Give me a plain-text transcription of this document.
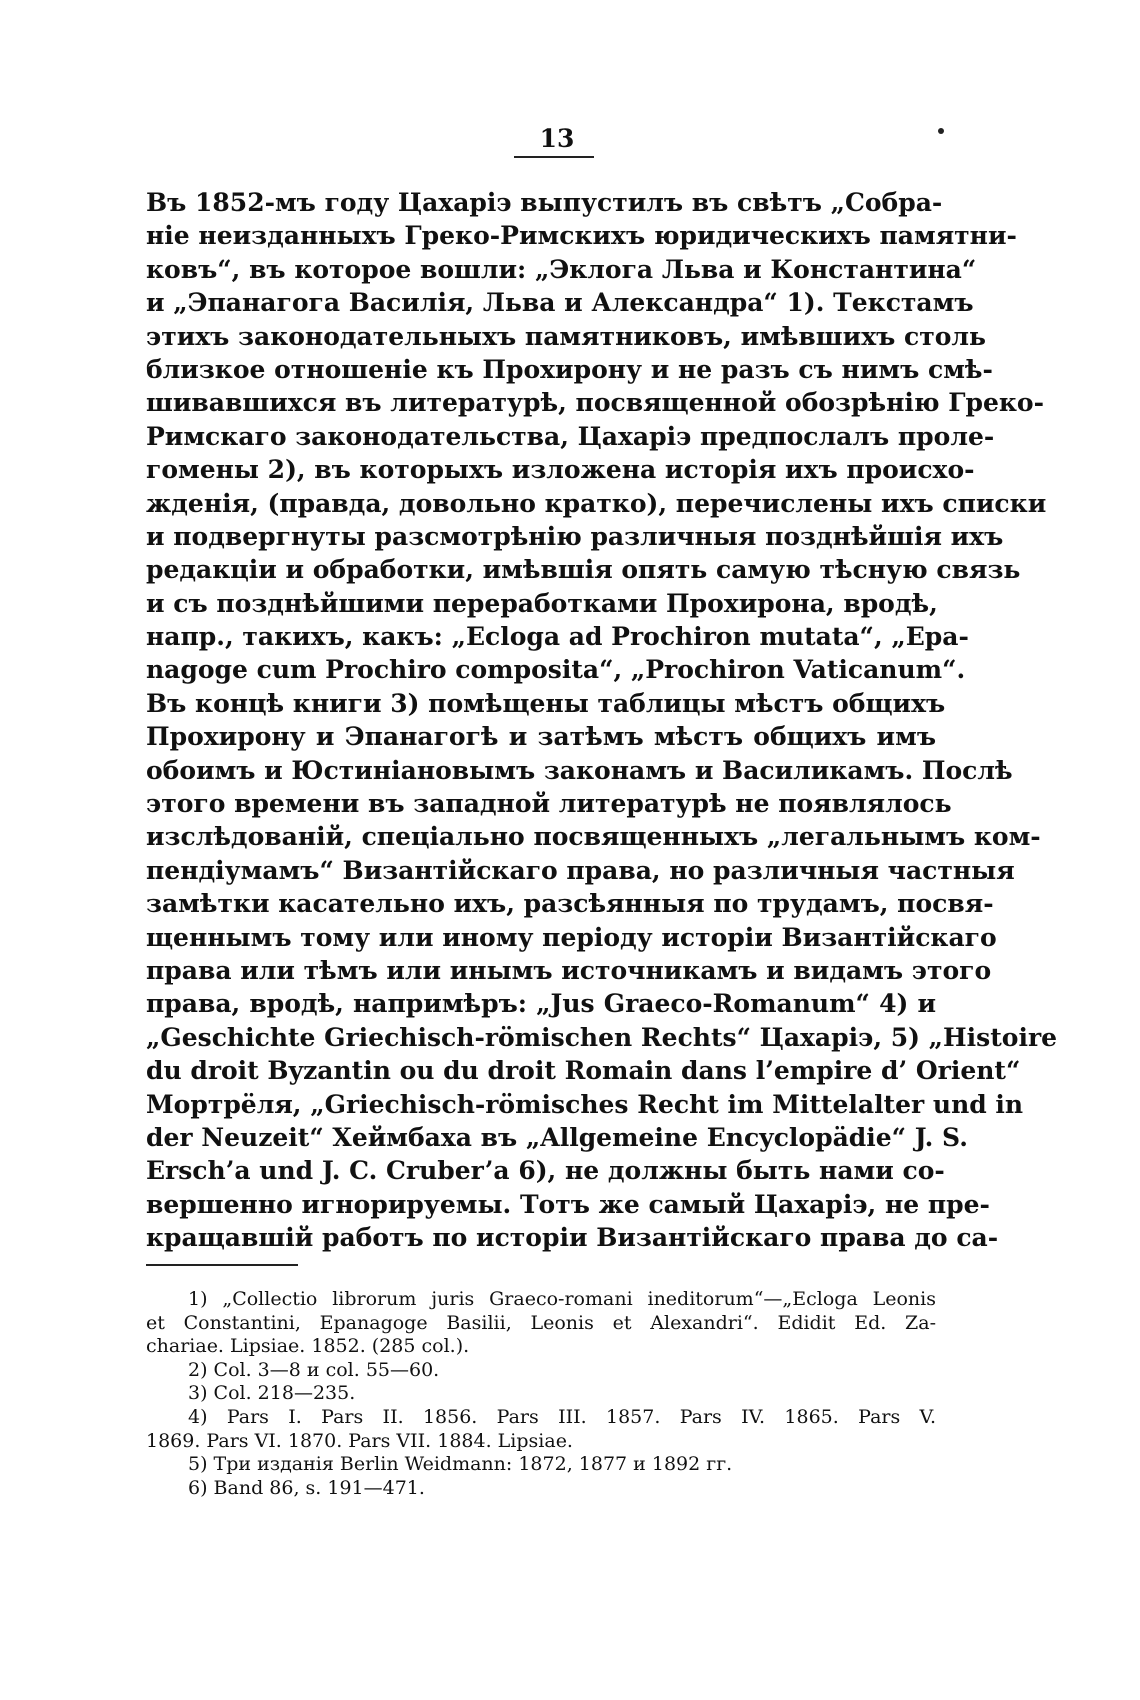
13
Въ 1852-мъ году Цахаріэ выпустилъ въ свѣтъ „Собра-
ніе неизданныхъ Греко-Римскихъ юридическихъ памятни-
ковъ“, въ которое вошли: „Эклога Льва и Константина“
и „Эпанагога Василія, Льва и Александра“ 1). Текстамъ
этихъ законодательныхъ памятниковъ, имѣвшихъ столь
близкое отношеніе къ Прохирону и не разъ съ нимъ смѣ-
шивавшихся въ литературѣ, посвященной обозрѣнію Греко-
Римскаго законодательства, Цахаріэ предпослалъ проле-
гомены 2), въ которыхъ изложена исторія ихъ происхо-
жденія, (правда, довольно кратко), перечислены ихъ списки
и подвергнуты разсмотрѣнію различныя позднѣйшія ихъ
редакціи и обработки, имѣвшія опять самую тѣсную связь
и съ позднѣйшими переработками Прохирона, вродѣ,
напр., такихъ, какъ: „Ecloga ad Prochiron mutata“, „Epa-
nagoge cum Prochiro composita“, „Prochiron Vaticanum“.
Въ концѣ книги 3) помѣщены таблицы мѣстъ общихъ
Прохирону и Эпанагогѣ и затѣмъ мѣстъ общихъ имъ
обоимъ и Юстиніановымъ законамъ и Василикамъ. Послѣ
этого времени въ западной литературѣ не появлялось
изслѣдованій, спеціально посвященныхъ „легальнымъ ком-
пендіумамъ“ Византійскаго права, но различныя частныя
замѣтки касательно ихъ, разсѣянныя по трудамъ, посвя-
щеннымъ тому или иному періоду исторіи Византійскаго
права или тѣмъ или инымъ источникамъ и видамъ этого
права, вродѣ, напримѣръ: „Jus Graeco-Romanum“ 4) и
„Geschichte Griechisch-römischen Rechts“ Цахаріэ, 5) „Histoire
du droit Byzantin ou du droit Romain dans l’empire d’ Orient“
Мортрёля, „Griechisch-römisches Recht im Mittelalter und in
der Neuzeit“ Хеймбаха въ „Allgemeine Encyclopädie“ J. S.
Ersch’a und J. C. Cruber’a 6), не должны быть нами со-
вершенно игнорируемы. Тотъ же самый Цахаріэ, не пре-
кращавшій работъ по исторіи Византійскаго права до са-
1) „Collectio librorum juris Graeco-romani ineditorum“—„Ecloga Leonis
et Constantini, Epanagoge Basilii, Leonis et Alexandri“. Edidit Ed. Za-
chariae. Lipsiae. 1852. (285 col.).
2) Col. 3—8 и col. 55—60.
3) Col. 218—235.
4) Pars I. Pars II. 1856. Pars III. 1857. Pars IV. 1865. Pars V.
1869. Pars VI. 1870. Pars VII. 1884. Lipsiae.
5) Три изданія Berlin Weidmann: 1872, 1877 и 1892 гг.
6) Band 86, s. 191—471.
